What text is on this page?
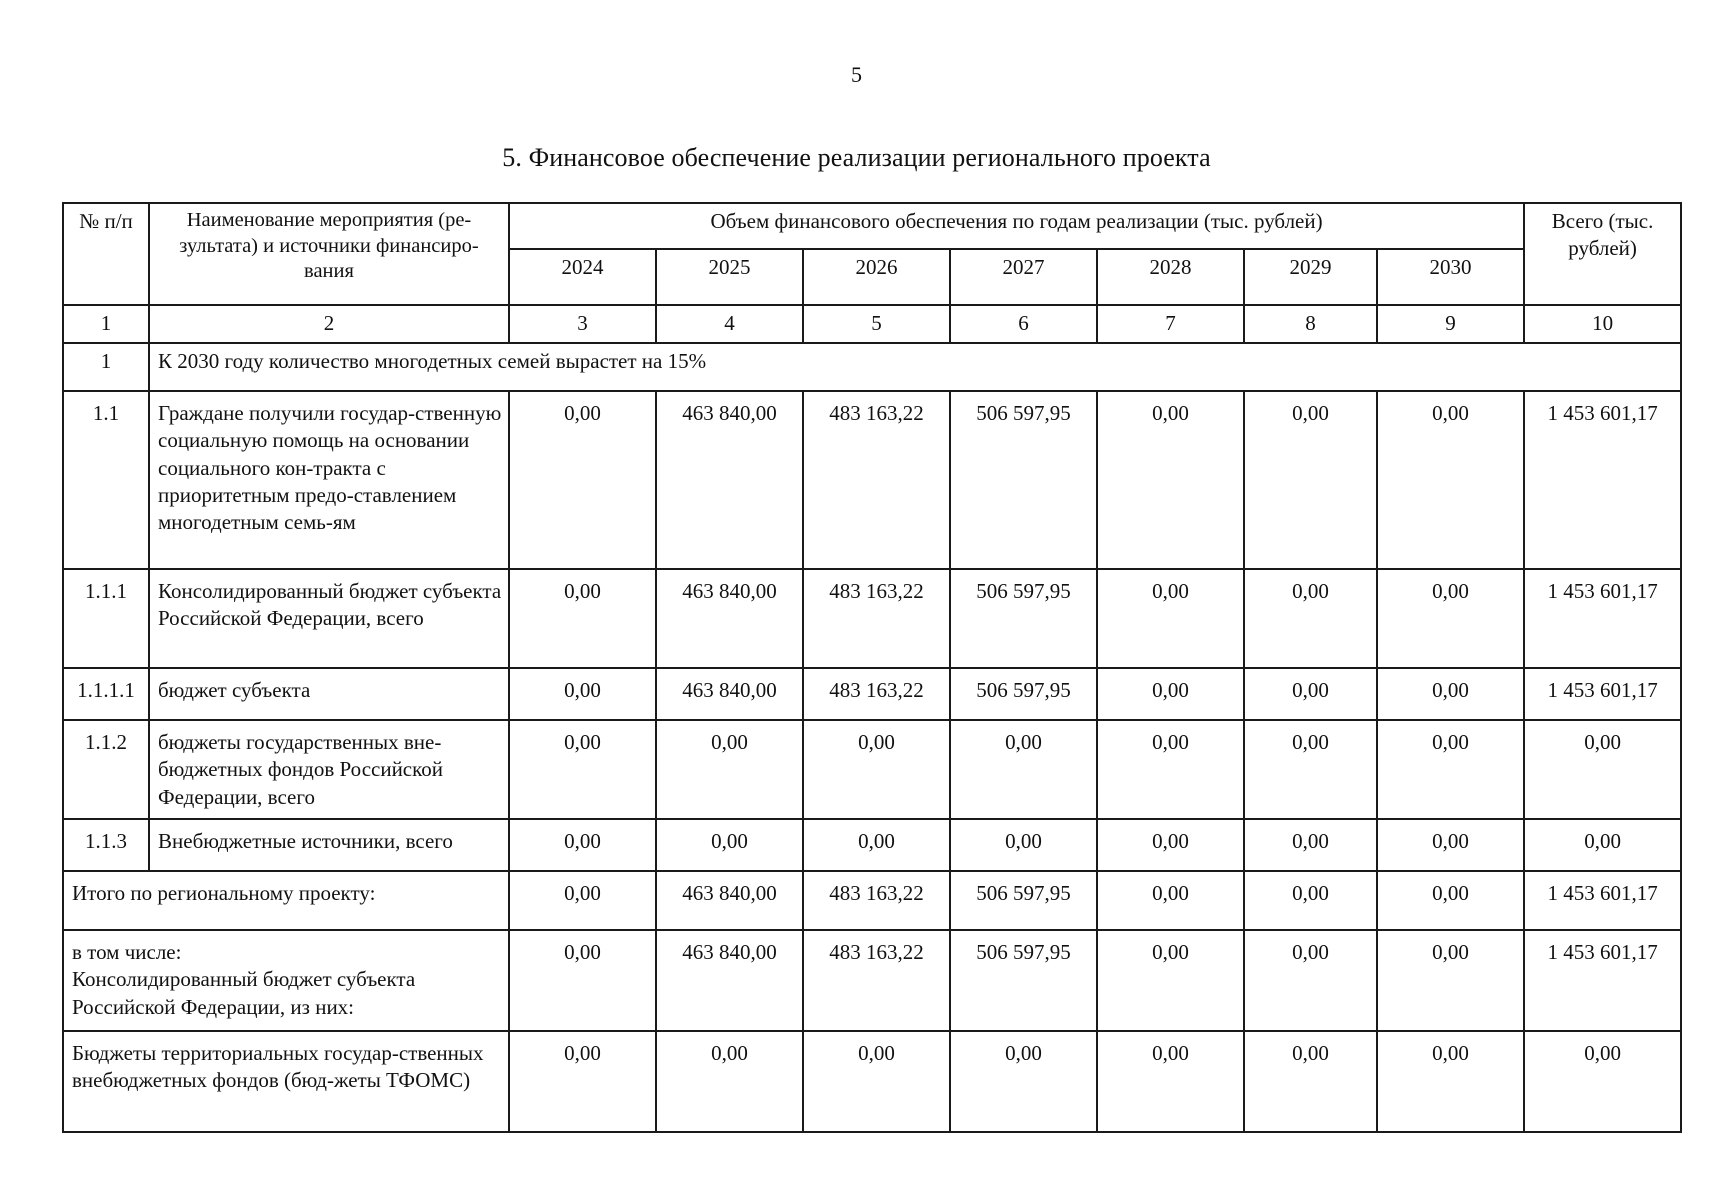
5
5. Финансовое обеспечение реализации регионального проекта
№ п/п	Наименование мероприятия (ре-зультата) и источники финансиро-вания	Объем финансового обеспечения по годам реализации (тыс. рублей)							Всего (тыс. рублей)
		2024	2025	2026	2027	2028	2029	2030	
1	2	3	4	5	6	7	8	9	10
1	К 2030 году количество многодетных семей вырастет на 15%								
1.1	Граждане получили государ-ственную социальную помощь на основании социального кон-тракта с приоритетным предо-ставлением многодетным семь-ям	0,00	463 840,00	483 163,22	506 597,95	0,00	0,00	0,00	1 453 601,17
1.1.1	Консолидированный бюджет субъекта Российской Федерации, всего	0,00	463 840,00	483 163,22	506 597,95	0,00	0,00	0,00	1 453 601,17
1.1.1.1	бюджет субъекта	0,00	463 840,00	483 163,22	506 597,95	0,00	0,00	0,00	1 453 601,17
1.1.2	бюджеты государственных вне-бюджетных фондов Российской Федерации, всего	0,00	0,00	0,00	0,00	0,00	0,00	0,00	0,00
1.1.3	Внебюджетные источники, всего	0,00	0,00	0,00	0,00	0,00	0,00	0,00	0,00
Итого по региональному проекту:		0,00	463 840,00	483 163,22	506 597,95	0,00	0,00	0,00	1 453 601,17
в том числе:
Консолидированный бюджет субъекта Российской Федерации, из них:		0,00	463 840,00	483 163,22	506 597,95	0,00	0,00	0,00	1 453 601,17
Бюджеты территориальных государ-ственных внебюджетных фондов (бюд-жеты ТФОМС)		0,00	0,00	0,00	0,00	0,00	0,00	0,00	0,00
